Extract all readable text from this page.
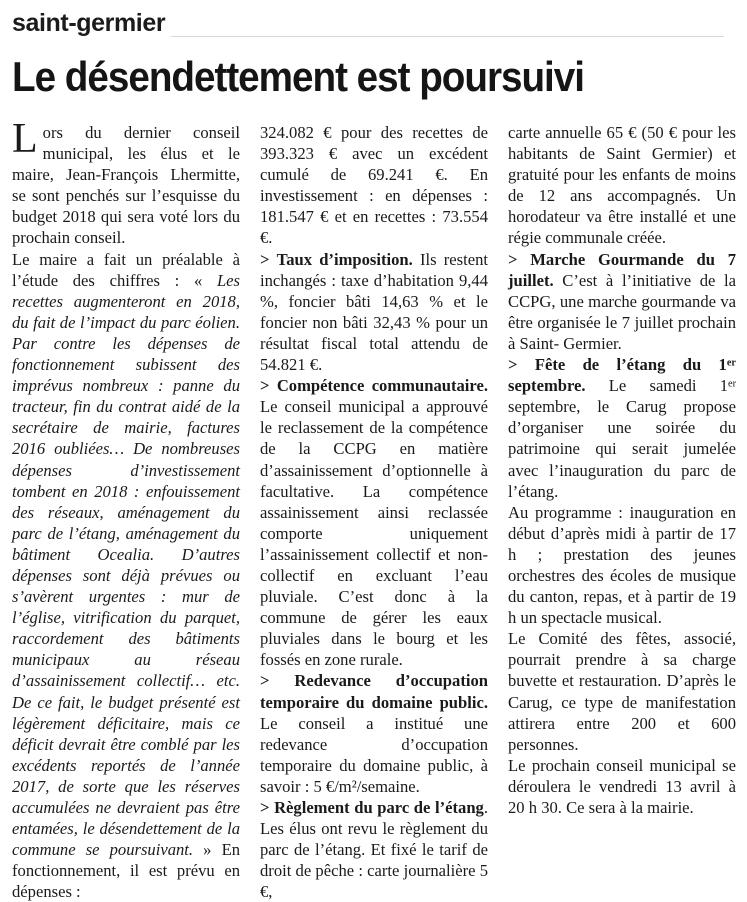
saint-germier
Le désendettement est poursuivi

Lors du dernier conseil municipal, les élus et le maire, Jean-François Lhermitte, se sont penchés sur l’esquisse du budget 2018 qui sera voté lors du prochain conseil.

Le maire a fait un préalable à l’étude des chiffres : « Les recettes augmenteront en 2018, du fait de l’impact du parc éolien. Par contre les dépenses de fonctionnement subissent des imprévus nombreux : panne du tracteur, fin du contrat aidé de la secrétaire de mairie, factures 2016 oubliées… De nombreuses dépenses d’investissement tombent en 2018 : enfouissement des réseaux, aménagement du parc de l’étang, aménagement du bâtiment Ocealia. D’autres dépenses sont déjà prévues ou s’avèrent urgentes : mur de l’église, vitrification du parquet, raccordement des bâtiments municipaux au réseau d’assainissement collectif… etc. De ce fait, le budget présenté est légèrement déficitaire, mais ce déficit devrait être comblé par les excédents reportés de l’année 2017, de sorte que les réserves accumulées ne devraient pas être entamées, le désendettement de la commune se poursuivant. » En fonctionnement, il est prévu en dépenses :

324.082 € pour des recettes de 393.323 € avec un excédent cumulé de 69.241 €. En investissement : en dépenses : 181.547 € et en recettes : 73.554 €.

> Taux d’imposition. Ils restent inchangés : taxe d’habitation 9,44 %, foncier bâti 14,63 % et le foncier non bâti 32,43 % pour un résultat fiscal total attendu de 54.821 €.

> Compétence communautaire. Le conseil municipal a approuvé le reclassement de la compétence de la CCPG en matière d’assainissement d’optionnelle à facultative. La compétence assainissement ainsi reclassée comporte uniquement l’assainissement collectif et non-collectif en excluant l’eau pluviale. C’est donc à la commune de gérer les eaux pluviales dans le bourg et les fossés en zone rurale.

> Redevance d’occupation temporaire du domaine public. Le conseil a institué une redevance d’occupation temporaire du domaine public, à savoir : 5 €/m²/semaine.

> Règlement du parc de l’étang. Les élus ont revu le règlement du parc de l’étang. Et fixé le tarif de droit de pêche : carte journalière 5 €,

carte annuelle 65 € (50 € pour les habitants de Saint Germier) et gratuité pour les enfants de moins de 12 ans accompagnés. Un horodateur va être installé et une régie communale créée.

> Marche Gourmande du 7 juillet. C’est à l’initiative de la CCPG, une marche gourmande va être organisée le 7 juillet prochain à Saint- Germier.

> Fête de l’étang du 1er septembre. Le samedi 1er septembre, le Carug propose d’organiser une soirée du patrimoine qui serait jumelée avec l’inauguration du parc de l’étang.

Au programme : inauguration en début d’après midi à partir de 17 h ; prestation des jeunes orchestres des écoles de musique du canton, repas, et à partir de 19 h un spectacle musical.

Le Comité des fêtes, associé, pourrait prendre à sa charge buvette et restauration. D’après le Carug, ce type de manifestation attirera entre 200 et 600 personnes.

Le prochain conseil municipal se déroulera le vendredi 13 avril à 20 h 30. Ce sera à la mairie.
